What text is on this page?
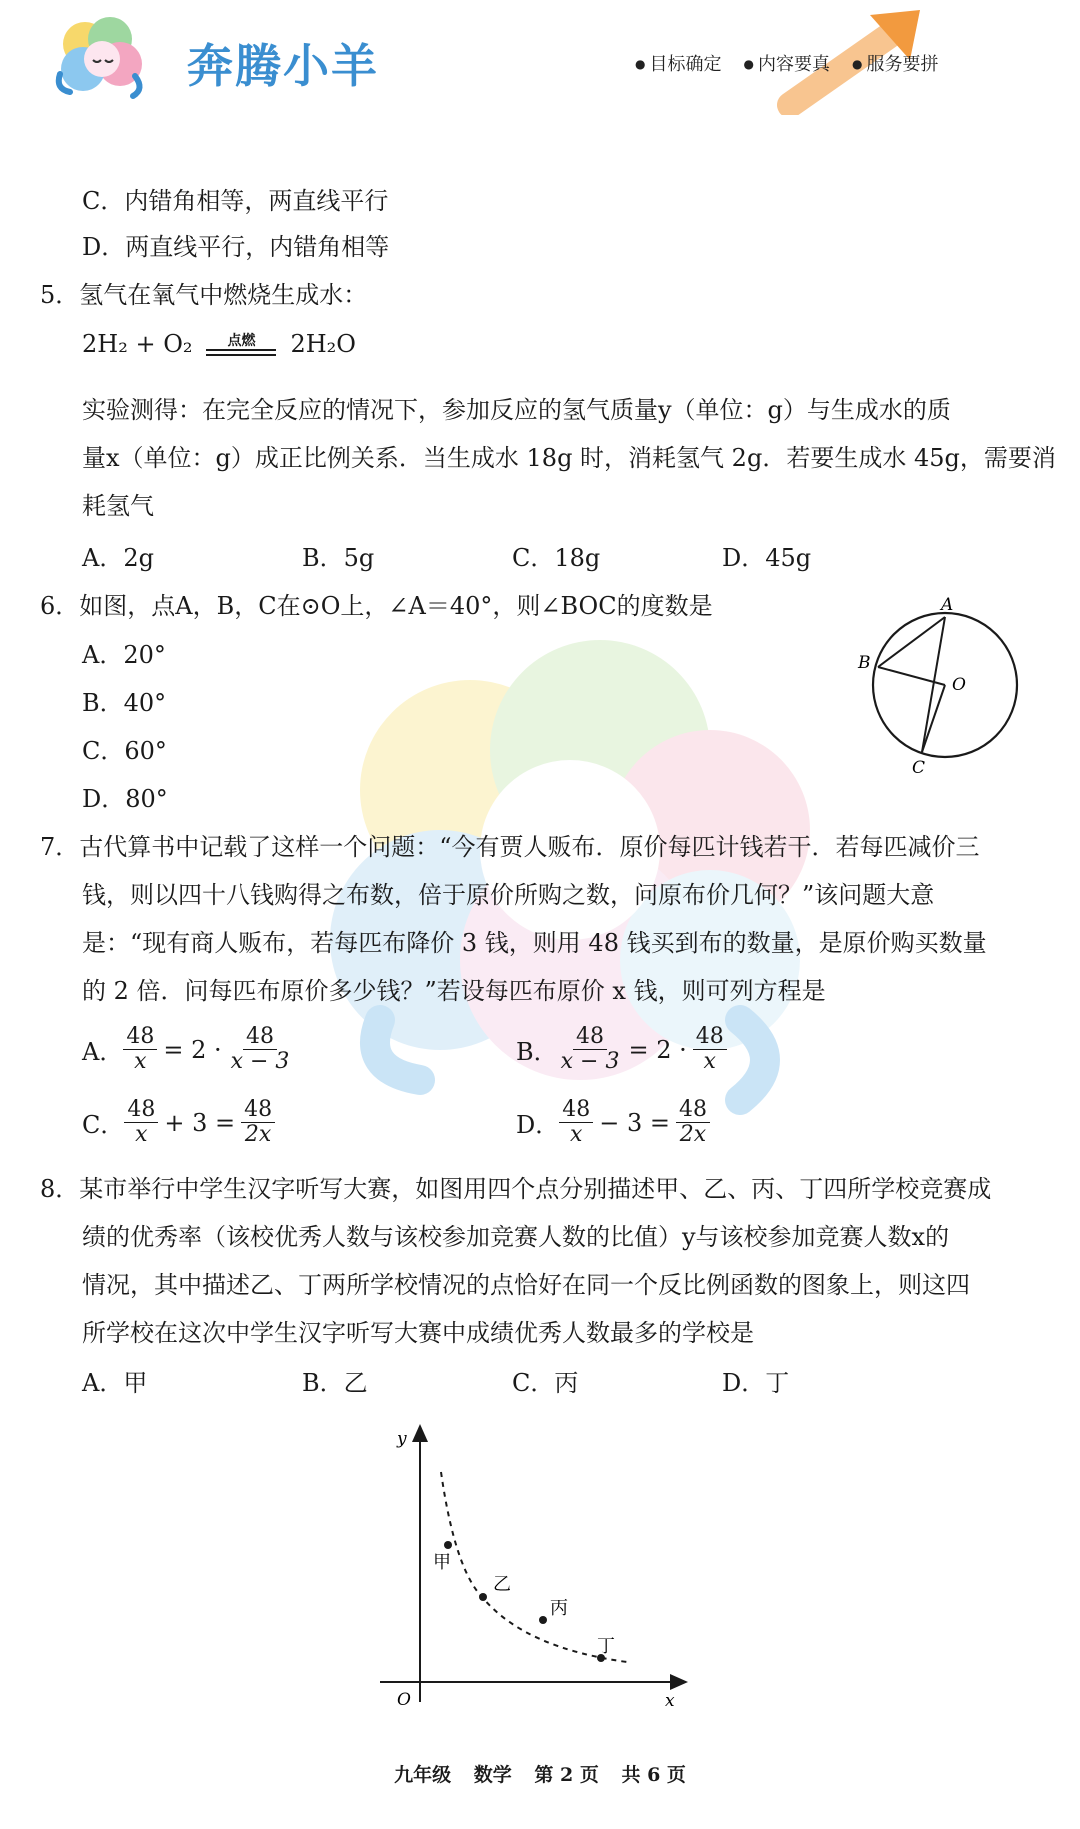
奔腾小羊	● 目标确定	● 内容要真	● 服务要拼
C．内错角相等，两直线平行
D．两直线平行，内错角相等
5．氢气在氧气中燃烧生成水：
2H₂ + O₂	点燃 2H₂O
实验测得：在完全反应的情况下，参加反应的氢气质量y（单位：g）与生成水的质
量x（单位：g）成正比例关系．当生成水 18g 时，消耗氢气 2g．若要生成水 45g，需要消
耗氢气
A．2g	B．5g	C．18g	D．45g
6．如图，点A，B，C在⊙O上，∠A＝40°，则∠BOC的度数是
A．20°
B．40°
C．60°
D．80°
A
B
O
C
7．古代算书中记载了这样一个问题：“今有贾人贩布．原价每匹计钱若干．若每匹减价三
钱，则以四十八钱购得之布数，倍于原价所购之数，问原布价几何？”该问题大意
是：“现有商人贩布，若每匹布降价 3 钱，则用 48 钱买到布的数量，是原价购买数量
的 2 倍．问每匹布原价多少钱？”若设每匹布原价 x 钱，则可列方程是
A． $\frac{48}{x} = 2 \cdot \frac{48}{x - 3}$	B． $\frac{48}{x - 3} = 2 \cdot \frac{48}{x}$
C． $\frac{48}{x} + 3 = \frac{48}{2x}$	D． $\frac{48}{x} - 3 = \frac{48}{2x}$
8．某市举行中学生汉字听写大赛，如图用四个点分别描述甲、乙、丙、丁四所学校竞赛成
绩的优秀率（该校优秀人数与该校参加竞赛人数的比值）y与该校参加竞赛人数x的
情况，其中描述乙、丁两所学校情况的点恰好在同一个反比例函数的图象上，则这四
所学校在这次中学生汉字听写大赛中成绩优秀人数最多的学校是
A．甲	B．乙	C．丙	D．丁
y
x
O
甲
乙
丙
丁
九年级 数学 第 2 页 共 6 页
